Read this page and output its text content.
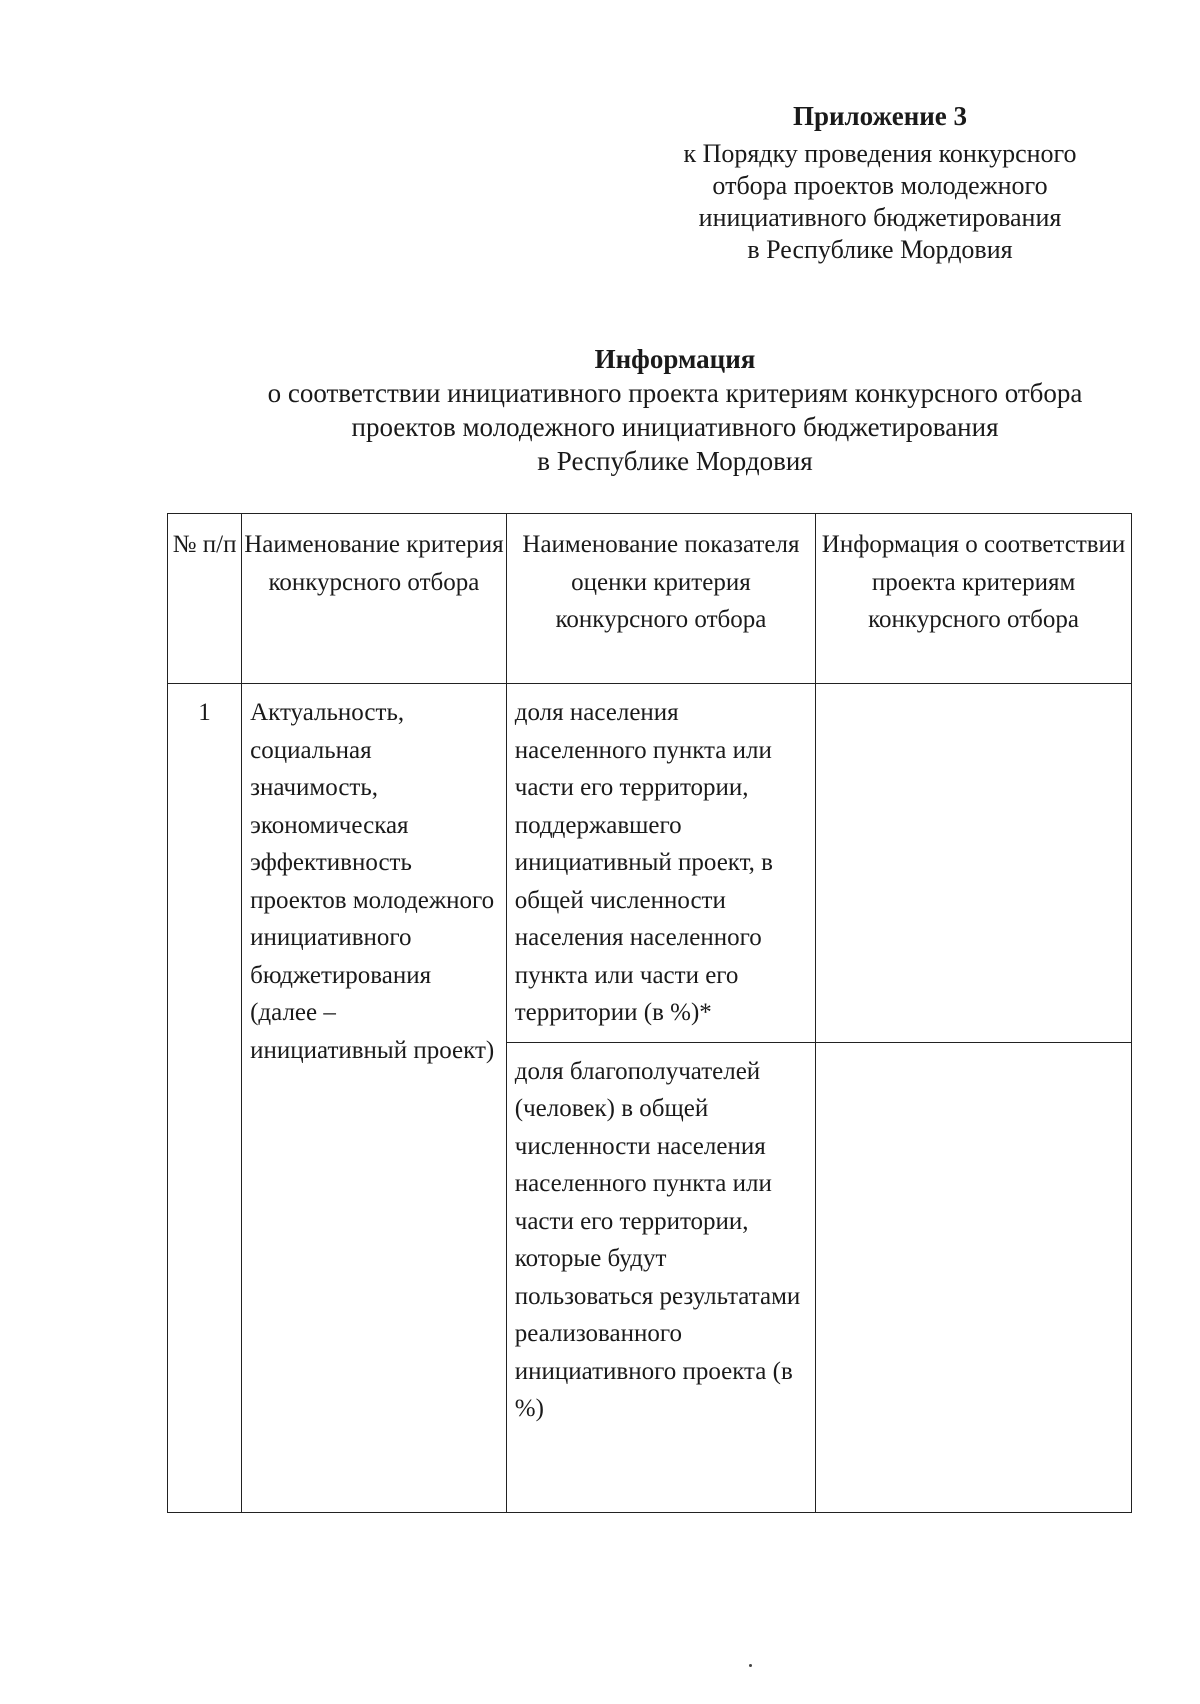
Приложение 3
к Порядку проведения конкурсного
отбора проектов молодежного
инициативного бюджетирования
в Республике Мордовия
Информация
о соответствии инициативного проекта критериям конкурсного отбора
проектов молодежного инициативного бюджетирования
в Республике Мордовия
№ п/п	Наименование критерия конкурсного отбора	Наименование показателя оценки критерия конкурсного отбора	Информация о соответствии проекта критериям конкурсного отбора
1	Актуальность, социальная значимость, экономическая эффективность проектов молодежного инициативного бюджетирования (далее – инициативный проект)	доля населения населенного пункта или части его территории, поддержавшего инициативный проект, в общей численности населения населенного пункта или части его территории (в %)*	
		доля благополучателей (человек) в общей численности населения населенного пункта или части его территории, которые будут пользоваться результатами реализованного инициативного проекта (в %)	
